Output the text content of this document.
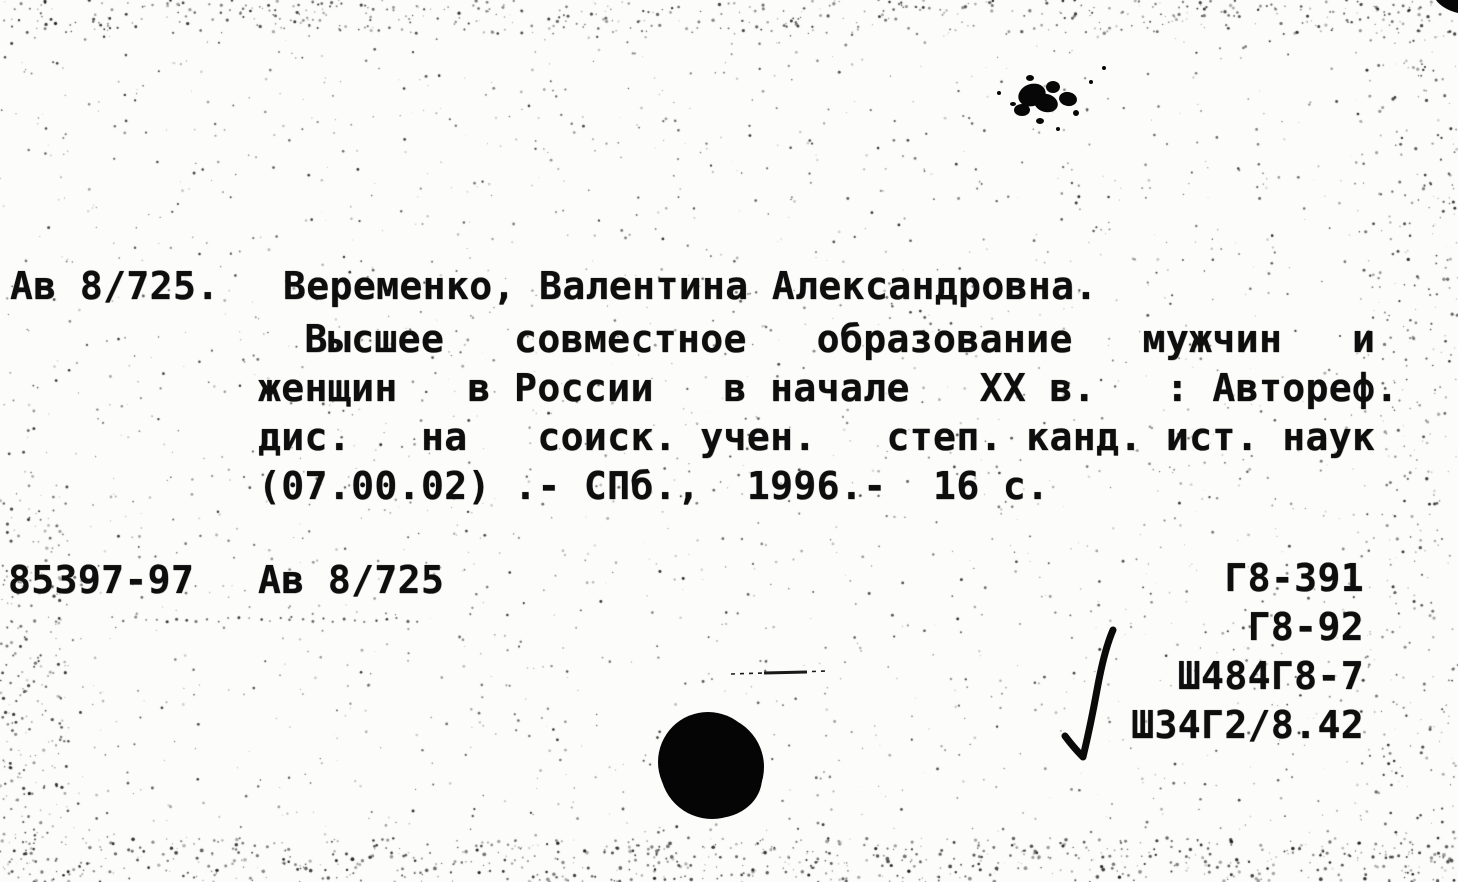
Ав 8/725. Веременко, Валентина Александровна.
Высшее   совместное   образование   мужчин   и
женщин   в России   в начале   XX в.   : Автореф.
дис.   на   соиск. учен.   степ. канд. ист. наук
(07.00.02) .- СПб.,  1996.-  16 с.
85397-97 Ав 8/725	Г8-391
Г8-92
Ш484Г8-7
Ш34Г2/8.42
